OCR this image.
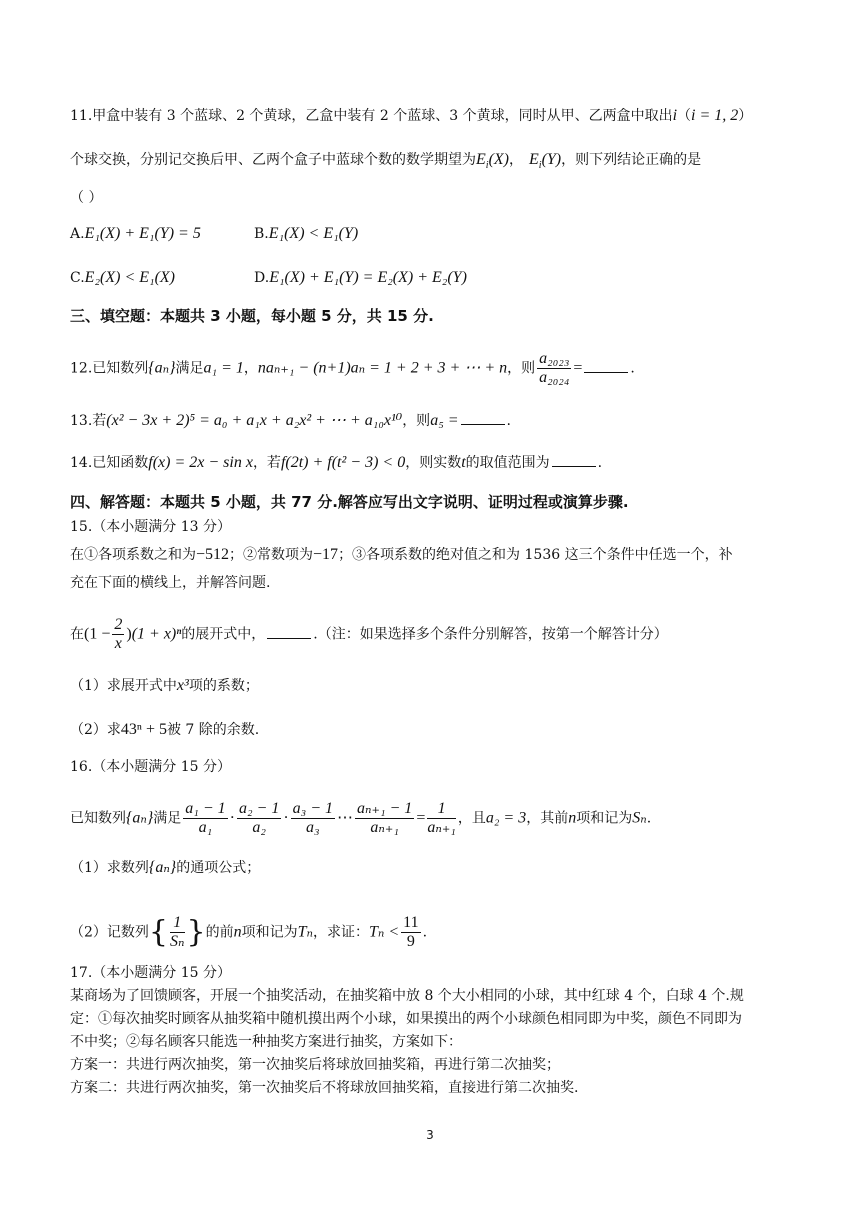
11.甲盒中装有 3 个蓝球、2 个黄球，乙盒中装有 2 个蓝球、3 个黄球，同时从甲、乙两盒中取出i（i = 1, 2）
个球交换，分别记交换后甲、乙两个盒子中蓝球个数的数学期望为$E_i(X)$， $E_i(Y)$，则下列结论正确的是
（ ）
A.E₁(X) + E₁(Y) = 5	B.E₁(X) < E₁(Y)
C.E₂(X) < E₁(X)	D.E₁(X) + E₁(Y) = E₂(X) + E₂(Y)
三、填空题：本题共 3 小题，每小题 5 分，共 15 分.
12.已知数列{aₙ}满足a₁ = 1，naₙ₊₁ − (n+1)aₙ = 1 + 2 + 3 + ⋯ + n，则 $\frac{\text{a₂₀₂₃}}{\text{a₂₀₂₄}}$ =	.
13.若(x² − 3x + 2)⁵ = a₀ + a₁x + a₂x² + ⋯ + a₁₀x¹⁰，则a₅ =	.
14.已知函数f(x) = 2x − sin x，若f(2t) + f(t² − 3) < 0，则实数t的取值范围为	.
四、解答题：本题共 5 小题，共 77 分.解答应写出文字说明、证明过程或演算步骤.
15.（本小题满分 13 分）
在①各项系数之和为−512；②常数项为−17；③各项系数的绝对值之和为 1536 这三个条件中任选一个，补
充在下面的横线上，并解答问题.
在$(1 - \frac{2}{x} )(1 + x)^n$的展开式中，	.（注：如果选择多个条件分别解答，按第一个解答计分）
（1）求展开式中x³项的系数；
（2）求43ⁿ + 5被 7 除的余数.
16.（本小题满分 15 分）
已知数列{aₙ}满足 $\frac{\text{a₁ − 1}}{\text{a₁}} \cdot \frac{\text{a₂ − 1}}{\text{a₂}} \cdot \frac{\text{a₃ − 1}}{\text{a₃}}$ ⋯ $\frac{\text{aₙ₊₁ − 1}}{\text{aₙ₊₁}} = \frac{1}{\text{aₙ₊₁}}$ ，且a₂ = 3，其前n项和记为Sₙ.
（1）求数列{aₙ}的通项公式；
（2）记数列{ $\frac{1}{\text{Sₙ}}$ }的前n项和记为Tₙ，求证：$T_n < \frac{11}{9}$ .
17.（本小题满分 15 分）
某商场为了回馈顾客，开展一个抽奖活动，在抽奖箱中放 8 个大小相同的小球，其中红球 4 个，白球 4 个.规
定：①每次抽奖时顾客从抽奖箱中随机摸出两个小球，如果摸出的两个小球颜色相同即为中奖，颜色不同即为
不中奖；②每名顾客只能选一种抽奖方案进行抽奖，方案如下：
方案一：共进行两次抽奖，第一次抽奖后将球放回抽奖箱，再进行第二次抽奖；
方案二：共进行两次抽奖，第一次抽奖后不将球放回抽奖箱，直接进行第二次抽奖.
3
